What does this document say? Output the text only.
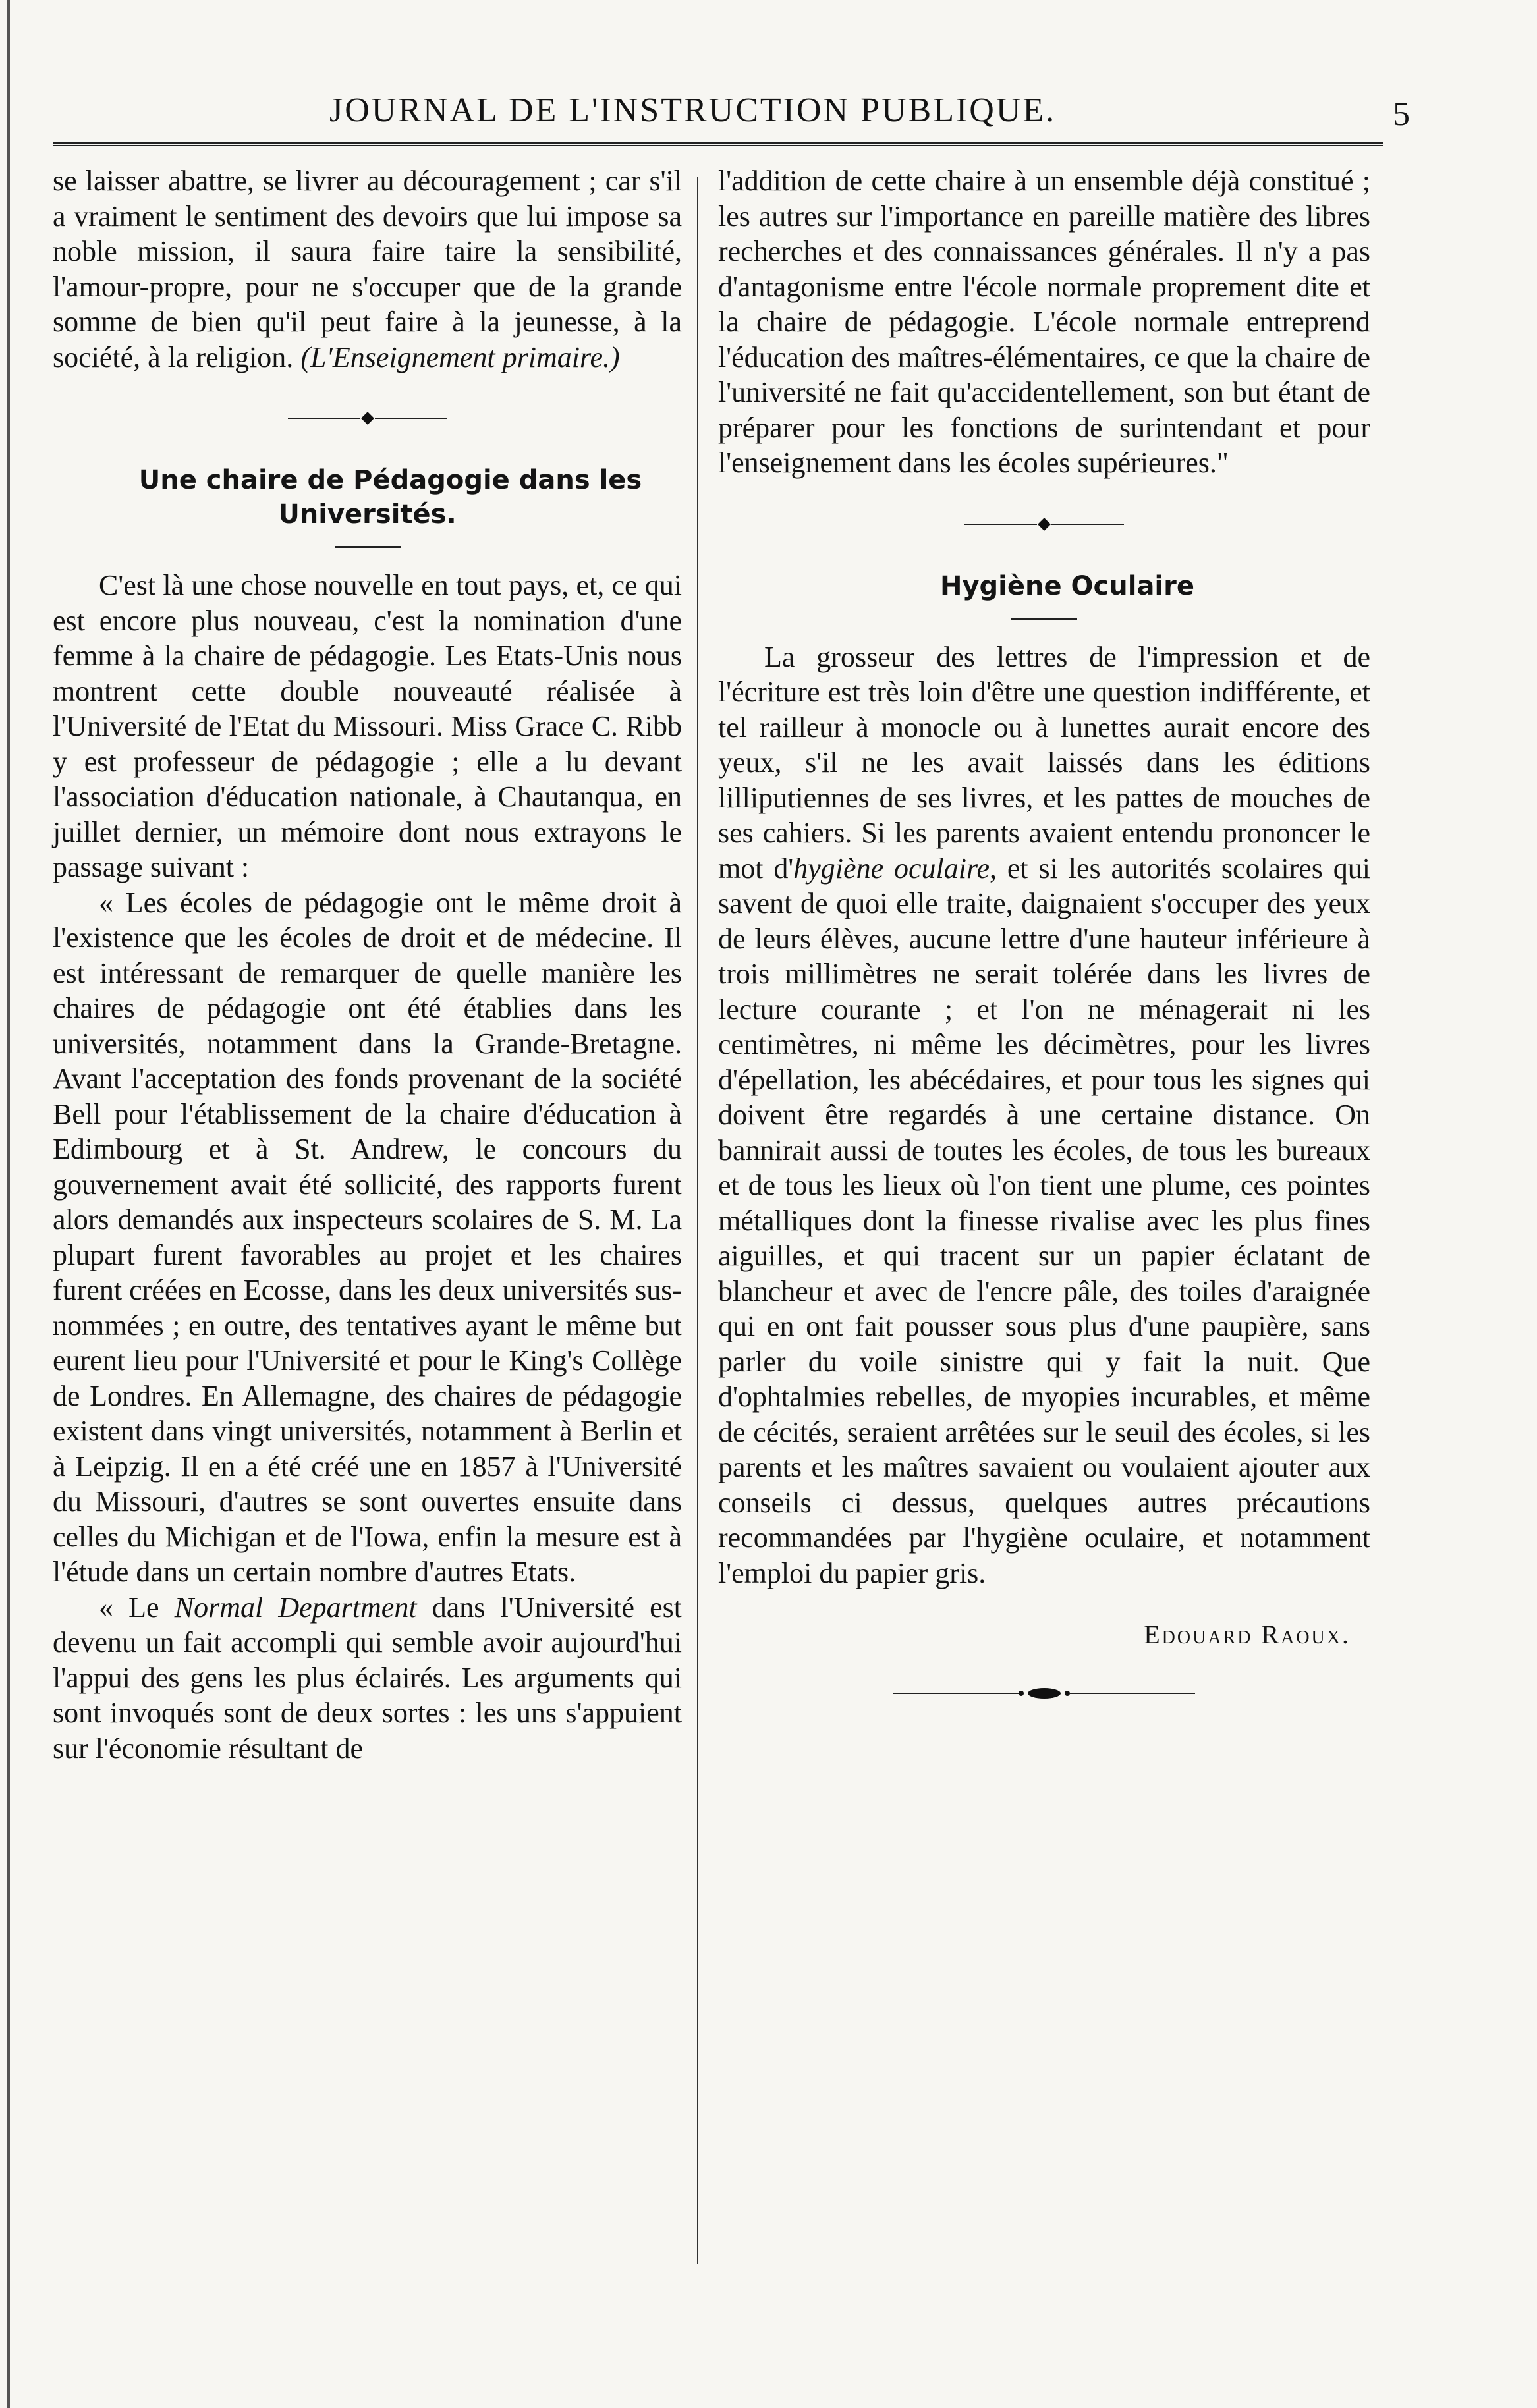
JOURNAL DE L'INSTRUCTION PUBLIQUE.	5

se laisser abattre, se livrer au découragement ; car s'il a vraiment le sentiment des devoirs que lui impose sa noble mission, il saura faire taire la sensibilité, l'amour-propre, pour ne s'occuper que de la grande somme de bien qu'il peut faire à la jeunesse, à la société, à la religion. (L'Enseignement primaire.)

Une chaire de Pédagogie dans les Universités.

C'est là une chose nouvelle en tout pays, et, ce qui est encore plus nouveau, c'est la nomination d'une femme à la chaire de pédagogie. Les Etats-Unis nous montrent cette double nouveauté réalisée à l'Université de l'Etat du Missouri. Miss Grace C. Ribb y est professeur de pédagogie ; elle a lu devant l'association d'éducation nationale, à Chautanqua, en juillet dernier, un mémoire dont nous extrayons le passage suivant :

« Les écoles de pédagogie ont le même droit à l'existence que les écoles de droit et de médecine. Il est intéressant de remarquer de quelle manière les chaires de pédagogie ont été établies dans les universités, notamment dans la Grande-Bretagne. Avant l'acceptation des fonds provenant de la société Bell pour l'établissement de la chaire d'éducation à Edimbourg et à St. Andrew, le concours du gouvernement avait été sollicité, des rapports furent alors demandés aux inspecteurs scolaires de S. M. La plupart furent favorables au projet et les chaires furent créées en Ecosse, dans les deux universités sus-nommées ; en outre, des tentatives ayant le même but eurent lieu pour l'Université et pour le King's Collège de Londres. En Allemagne, des chaires de pédagogie existent dans vingt universités, notamment à Berlin et à Leipzig. Il en a été créé une en 1857 à l'Université du Missouri, d'autres se sont ouvertes ensuite dans celles du Michigan et de l'Iowa, enfin la mesure est à l'étude dans un certain nombre d'autres Etats.

« Le Normal Department dans l'Université est devenu un fait accompli qui semble avoir aujourd'hui l'appui des gens les plus éclairés. Les arguments qui sont invoqués sont de deux sortes : les uns s'appuient sur l'économie résultant de

l'addition de cette chaire à un ensemble déjà constitué ; les autres sur l'importance en pareille matière des libres recherches et des connaissances générales. Il n'y a pas d'antagonisme entre l'école normale proprement dite et la chaire de pédagogie. L'école normale entreprend l'éducation des maîtres-élémentaires, ce que la chaire de l'université ne fait qu'accidentellement, son but étant de préparer pour les fonctions de surintendant et pour l'enseignement dans les écoles supérieures."

Hygiène Oculaire

La grosseur des lettres de l'impression et de l'écriture est très loin d'être une question indifférente, et tel railleur à monocle ou à lunettes aurait encore des yeux, s'il ne les avait laissés dans les éditions lilliputiennes de ses livres, et les pattes de mouches de ses cahiers. Si les parents avaient entendu prononcer le mot d'hygiène oculaire, et si les autorités scolaires qui savent de quoi elle traite, daignaient s'occuper des yeux de leurs élèves, aucune lettre d'une hauteur inférieure à trois millimètres ne serait tolérée dans les livres de lecture courante ; et l'on ne ménagerait ni les centimètres, ni même les décimètres, pour les livres d'épellation, les abécédaires, et pour tous les signes qui doivent être regardés à une certaine distance. On bannirait aussi de toutes les écoles, de tous les bureaux et de tous les lieux où l'on tient une plume, ces pointes métalliques dont la finesse rivalise avec les plus fines aiguilles, et qui tracent sur un papier éclatant de blancheur et avec de l'encre pâle, des toiles d'araignée qui en ont fait pousser sous plus d'une paupière, sans parler du voile sinistre qui y fait la nuit. Que d'ophtalmies rebelles, de myopies incurables, et même de cécités, seraient arrêtées sur le seuil des écoles, si les parents et les maîtres savaient ou voulaient ajouter aux conseils ci dessus, quelques autres précautions recommandées par l'hygiène oculaire, et notamment l'emploi du papier gris.

Edouard Raoux.
